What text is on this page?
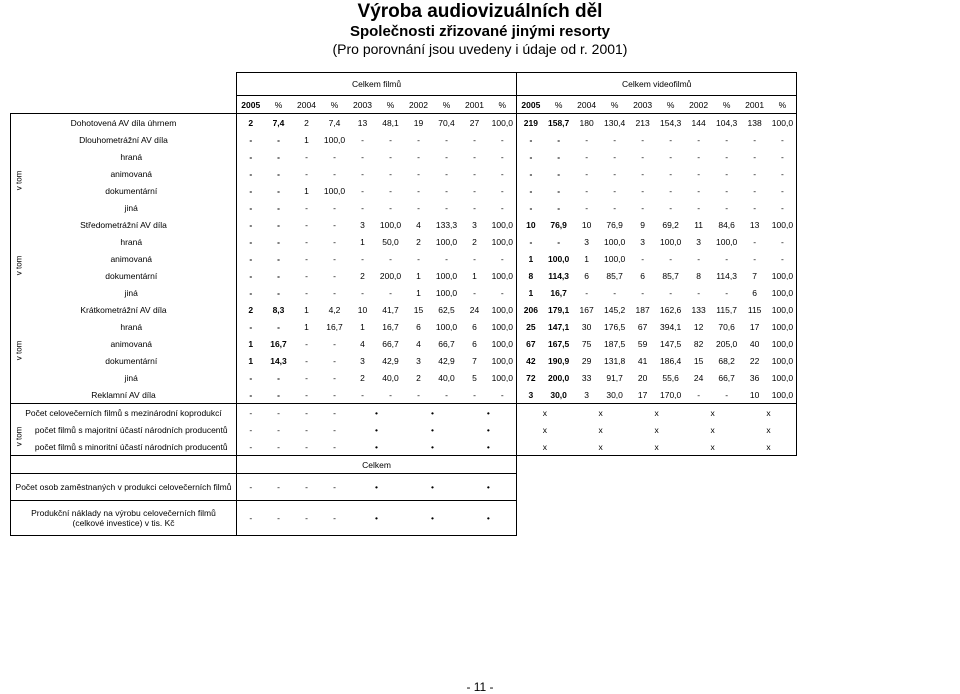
Výroba audiovizuálních děl
Společnosti zřizované jinými resorty
(Pro porovnání jsou uvedeny i údaje od r. 2001)
		Celkem filmů										Celkem videofilmů									
		2005	%	2004	%	2003	%	2002	%	2001	%	2005	%	2004	%	2003	%	2002	%	2001	%
Dohotovená AV díla úhrnem		2	7,4	2	7,4	13	48,1	19	70,4	27	100,0	219	158,7	180	130,4	213	154,3	144	104,3	138	100,0
Dlouhometrážní AV díla		-	-	1	100,0	-	-	-	-	-	-	-	-	-	-	-	-	-	-	-	-

v tom	hraná	-	-	-	-	-	-	-	-	-	-	-	-	-	-	-	-	-	-	-	-
	animovaná	-	-	-	-	-	-	-	-	-	-	-	-	-	-	-	-	-	-	-	-
	dokumentární	-	-	1	100,0	-	-	-	-	-	-	-	-	-	-	-	-	-	-	-	-
	jiná	-	-	-	-	-	-	-	-	-	-	-	-	-	-	-	-	-	-	-	-
Středometrážní AV díla		-	-	-	-	3	100,0	4	133,3	3	100,0	10	76,9	10	76,9	9	69,2	11	84,6	13	100,0

v tom	hraná	-	-	-	-	1	50,0	2	100,0	2	100,0	-	-	3	100,0	3	100,0	3	100,0	-	-
	animovaná	-	-	-	-	-	-	-	-	-	-	1	100,0	1	100,0	-	-	-	-	-	-
	dokumentární	-	-	-	-	2	200,0	1	100,0	1	100,0	8	114,3	6	85,7	6	85,7	8	114,3	7	100,0
	jiná	-	-	-	-	-	-	1	100,0	-	-	1	16,7	-	-	-	-	-	-	6	100,0
Krátkometrážní AV díla		2	8,3	1	4,2	10	41,7	15	62,5	24	100,0	206	179,1	167	145,2	187	162,6	133	115,7	115	100,0

v tom	hraná	-	-	1	16,7	1	16,7	6	100,0	6	100,0	25	147,1	30	176,5	67	394,1	12	70,6	17	100,0
	animovaná	1	16,7	-	-	4	66,7	4	66,7	6	100,0	67	167,5	75	187,5	59	147,5	82	205,0	40	100,0
	dokumentární	1	14,3	-	-	3	42,9	3	42,9	7	100,0	42	190,9	29	131,8	41	186,4	15	68,2	22	100,0
	jiná	-	-	-	-	2	40,0	2	40,0	5	100,0	72	200,0	33	91,7	20	55,6	24	66,7	36	100,0
Reklamní AV díla		-	-	-	-	-	-	-	-	-	-	3	30,0	3	30,0	17	170,0	-	-	10	100,0
Počet celovečerních filmů s mezinárodní koprodukcí		-	-	-	-	•		•		•		x		x		x		x		x	

v tom	počet filmů s majoritní účastí národních producentů	-	-	-	-	•		•		•		x		x		x		x		x	
	počet filmů s minoritní účastí národních producentů	-	-	-	-	•		•		•		x		x		x		x		x	
		Celkem																			
Počet osob zaměstnaných v produkci celovečerních filmů		-	-	-	-	•		•		•											

Produkční náklady na výrobu celovečerních filmů
(celkové investice) v tis. Kč		-	-	-	-	•		•		•											
- 11 -
